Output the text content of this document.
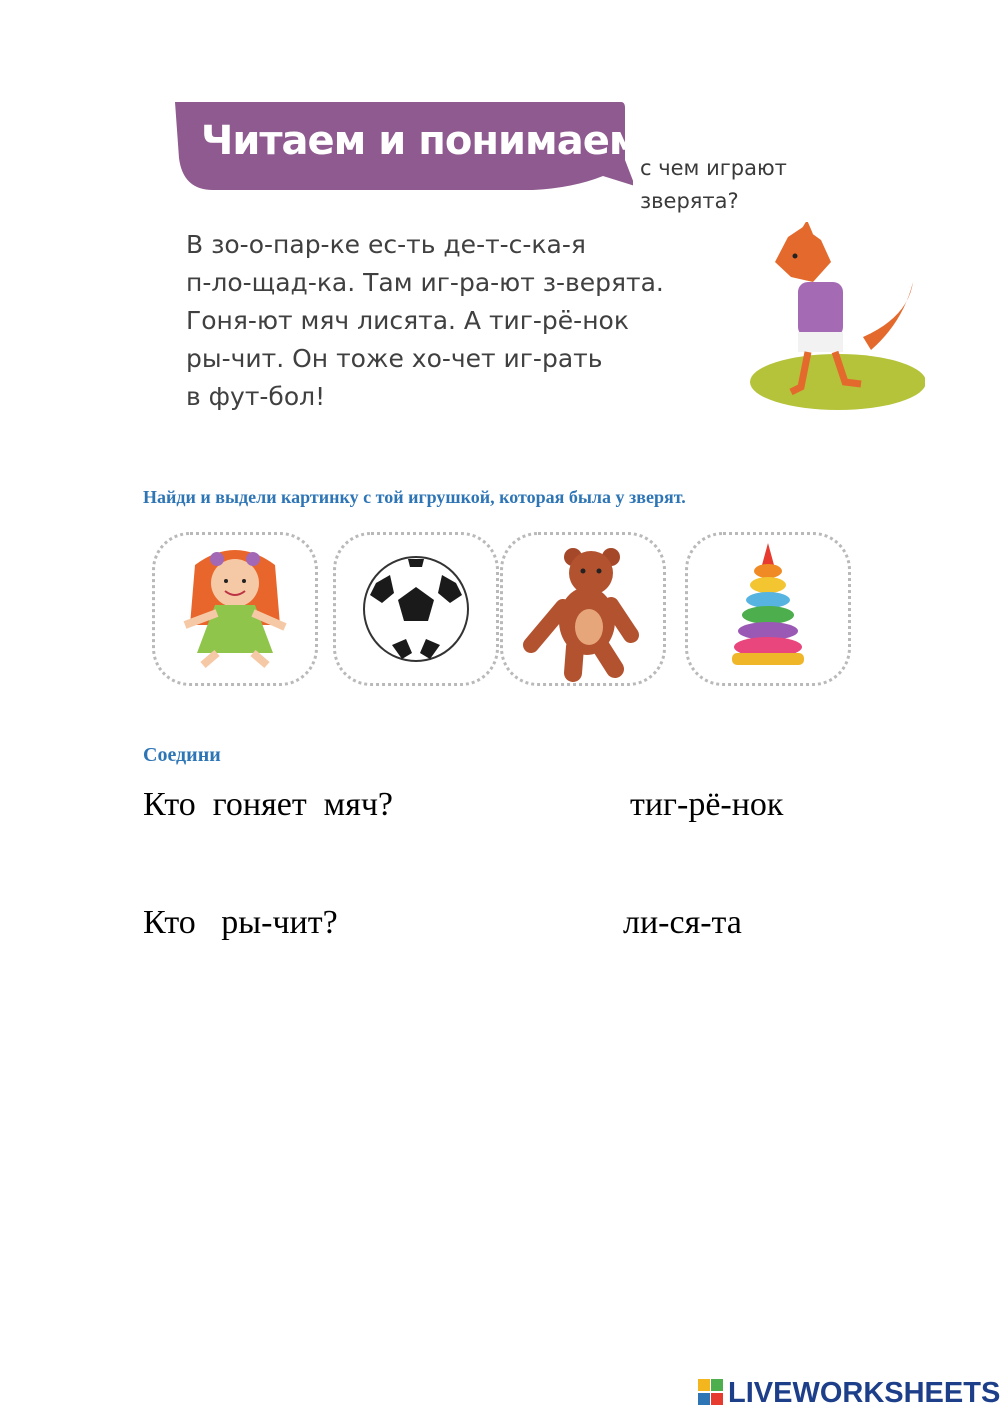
Читаем и понимаем:
с чем играют
зверята?
В зо-о-пар-ке ес-ть де-т-с-ка-я
п-ло-щад-ка. Там иг-ра-ют з-верята.
Гоня-ют мяч лисята. А тиг-рё-нок
ры-чит. Он тоже хо-чет иг-рать
в фут-бол!
Найди и выдели картинку с той игрушкой, которая была у зверят.
Соедини
Кто  гоняет  мяч?	тиг-рё-нок
Кто   ры-чит?	ли-ся-та
LIVEWORKSHEETS
